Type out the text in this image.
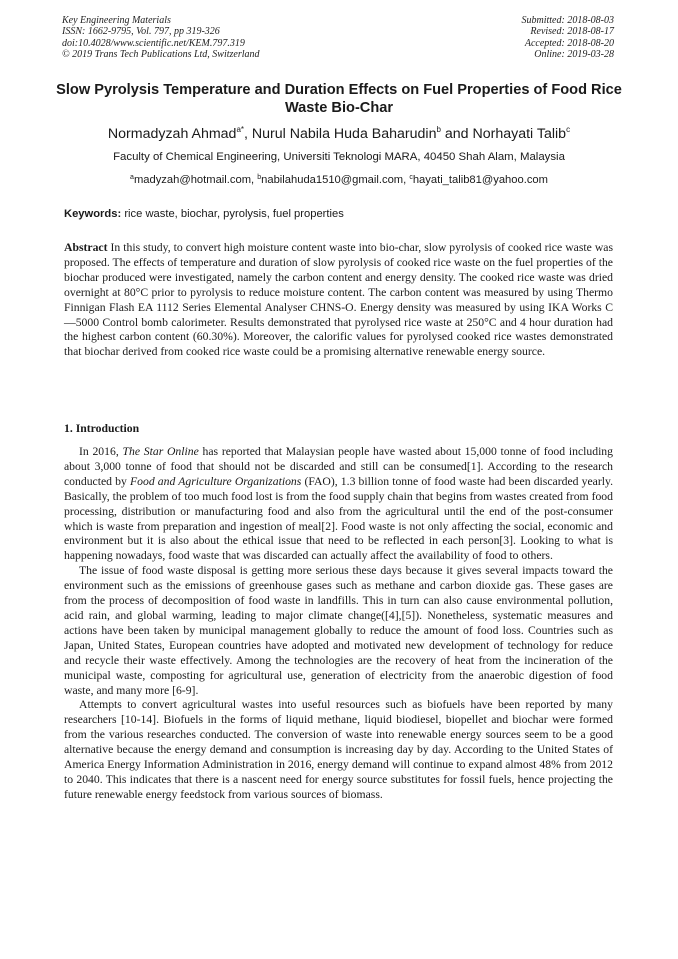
Key Engineering Materials
ISSN: 1662-9795, Vol. 797, pp 319-326
doi:10.4028/www.scientific.net/KEM.797.319
© 2019 Trans Tech Publications Ltd, Switzerland
Submitted: 2018-08-03
Revised: 2018-08-17
Accepted: 2018-08-20
Online: 2019-03-28
Slow Pyrolysis Temperature and Duration Effects on Fuel Properties of Food Rice Waste Bio-Char
Normadyzah Ahmad$^{a*}$, Nurul Nabila Huda Baharudin$^b$ and Norhayati Talib$^c$
Faculty of Chemical Engineering, Universiti Teknologi MARA, 40450 Shah Alam, Malaysia
$^a$madyzah@hotmail.com, $^b$nabilahuda1510@gmail.com, $^c$hayati_talib81@yahoo.com
Keywords: rice waste, biochar, pyrolysis, fuel properties

Abstract In this study, to convert high moisture content waste into bio-char, slow pyrolysis of cooked rice waste was proposed. The effects of temperature and duration of slow pyrolysis of cooked rice waste on the fuel properties of the biochar produced were investigated, namely the carbon content and energy density. The cooked rice waste was dried overnight at 80°C prior to pyrolysis to reduce moisture content. The carbon content was measured by using Thermo Finnigan Flash EA 1112 Series Elemental Analyser CHNS-O. Energy density was measured by using IKA Works C—5000 Control bomb calorimeter. Results demonstrated that pyrolysed rice waste at 250°C and 4 hour duration had the highest carbon content (60.30%). Moreover, the calorific values for pyrolysed cooked rice wastes demonstrated that biochar derived from cooked rice waste could be a promising alternative renewable energy source.

1. Introduction

In 2016, The Star Online has reported that Malaysian people have wasted about 15,000 tonne of food including about 3,000 tonne of food that should not be discarded and still can be consumed[1]. According to the research conducted by Food and Agriculture Organizations (FAO), 1.3 billion tonne of food waste had been discarded yearly. Basically, the problem of too much food lost is from the food supply chain that begins from wastes created from food processing, distribution or manufacturing food and also from the agricultural until the end of the post-consumer which is waste from preparation and ingestion of meal[2]. Food waste is not only affecting the social, economic and environment but it is also about the ethical issue that need to be reflected in each person[3]. Looking to what is happening nowadays, food waste that was discarded can actually affect the availability of food to others.

The issue of food waste disposal is getting more serious these days because it gives several impacts toward the environment such as the emissions of greenhouse gases such as methane and carbon dioxide gas. These gases are from the process of decomposition of food waste in landfills. This in turn can also cause environmental pollution, acid rain, and global warming, leading to major climate change([4],[5]). Nonetheless, systematic measures and actions have been taken by municipal management globally to reduce the amount of food loss. Countries such as Japan, United States, European countries have adopted and motivated new development of technology for reduce and recycle their waste effectively. Among the technologies are the recovery of heat from the incineration of the municipal waste, composting for agricultural use, generation of electricity from the anaerobic digestion of food waste, and many more [6-9].

Attempts to convert agricultural wastes into useful resources such as biofuels have been reported by many researchers [10-14]. Biofuels in the forms of liquid methane, liquid biodiesel, biopellet and biochar were formed from the various researches conducted. The conversion of waste into renewable energy sources seem to be a good alternative because the energy demand and consumption is increasing day by day. According to the United States of America Energy Information Administration in 2016, energy demand will continue to expand almost 48% from 2012 to 2040. This indicates that there is a nascent need for energy source substitutes for fossil fuels, hence projecting the future renewable energy feedstock from various sources of biomass.
